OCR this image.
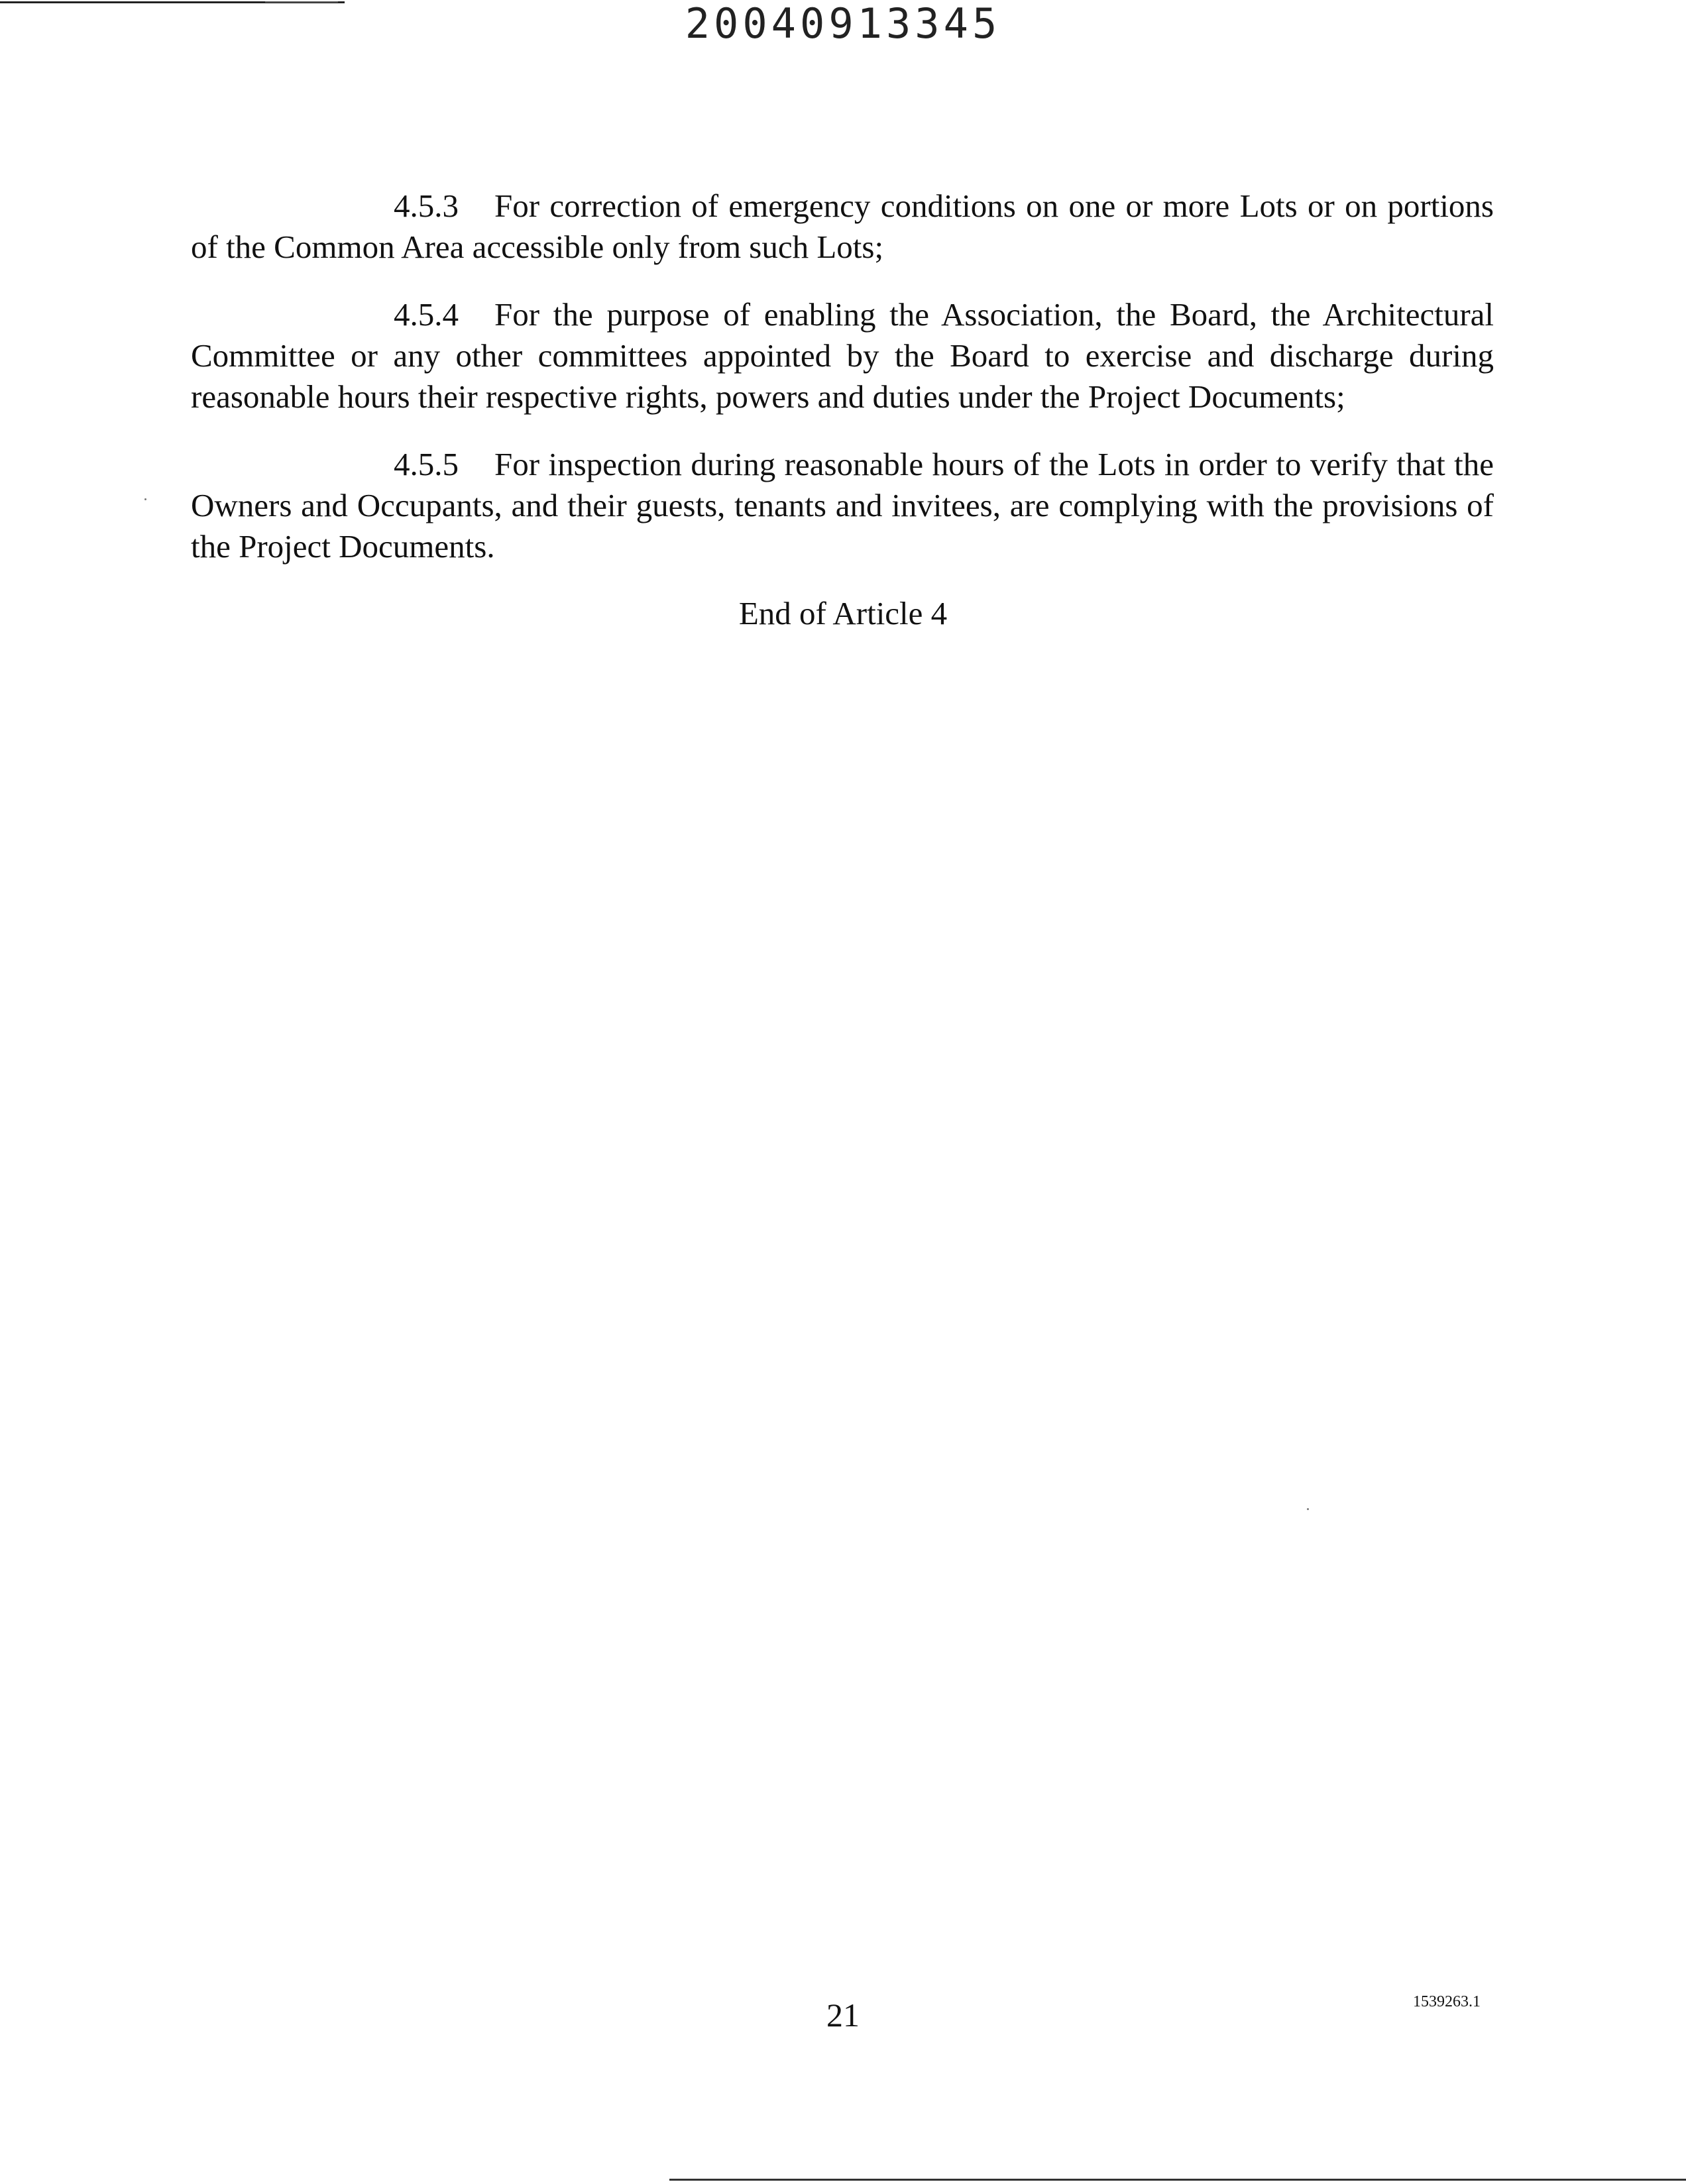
20040913345

4.5.3 For correction of emergency conditions on one or more Lots or on portions of the Common Area accessible only from such Lots;

4.5.4 For the purpose of enabling the Association, the Board, the Architectural Committee or any other committees appointed by the Board to exercise and discharge during reasonable hours their respective rights, powers and duties under the Project Documents;

4.5.5 For inspection during reasonable hours of the Lots in order to verify that the Owners and Occupants, and their guests, tenants and invitees, are complying with the provisions of the Project Documents.

End of Article 4
21	1539263.1
